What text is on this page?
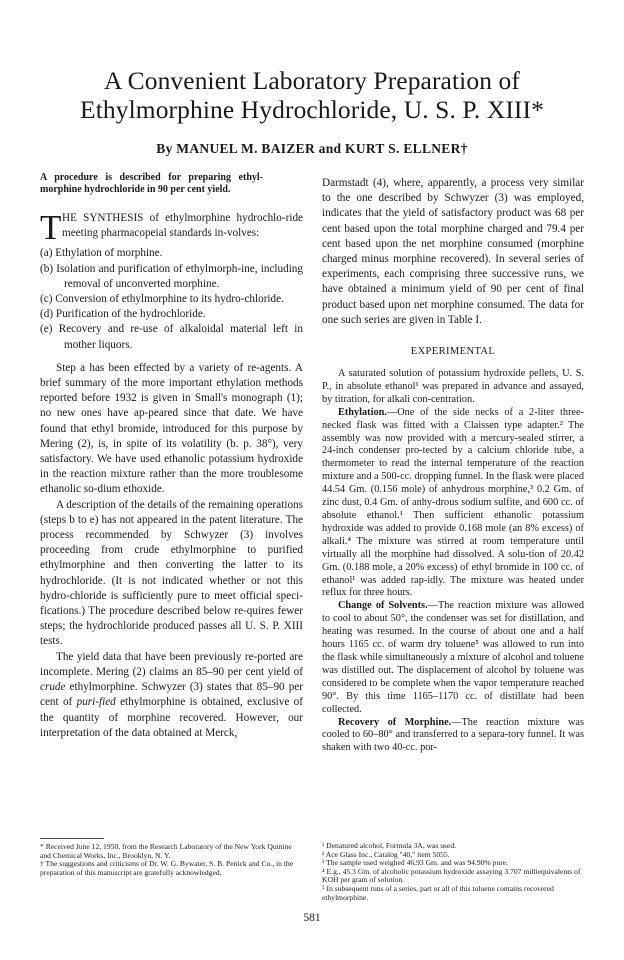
A Convenient Laboratory Preparation of
Ethylmorphine Hydrochloride, U. S. P. XIII*
By MANUEL M. BAIZER and KURT S. ELLNER†
A procedure is described for preparing ethyl-morphine hydrochloride in 90 per cent yield.

T HE SYNTHESIS of ethylmorphine hydrochlo-ride meeting pharmacopeial standards in-volves:

(a) Ethylation of morphine.
(b) Isolation and purification of ethylmorph-ine, including removal of unconverted morphine.
(c) Conversion of ethylmorphine to its hydro-chloride.
(d) Purification of the hydrochloride.
(e) Recovery and re-use of alkaloidal material left in mother liquors.

Step a has been effected by a variety of re-agents. A brief summary of the more important ethylation methods reported before 1932 is given in Small's monograph (1); no new ones have ap-peared since that date. We have found that ethyl bromide, introduced for this purpose by Mering (2), is, in spite of its volatility (b. p. 38°), very satisfactory. We have used ethanolic potassium hydroxide in the reaction mixture rather than the more troublesome ethanolic so-dium ethoxide.

A description of the details of the remaining operations (steps b to e) has not appeared in the patent literature. The process recommended by Schwyzer (3) involves proceeding from crude ethylmorphine to purified ethylmorphine and then converting the latter to its hydrochloride. (It is not indicated whether or not this hydro-chloride is sufficiently pure to meet official speci-fications.) The procedure described below re-quires fewer steps; the hydrochloride produced passes all U. S. P. XIII tests.

The yield data that have been previously re-ported are incomplete. Mering (2) claims an 85–90 per cent yield of crude ethylmorphine. Schwyzer (3) states that 85–90 per cent of puri-fied ethylmorphine is obtained, exclusive of the quantity of morphine recovered. However, our interpretation of the data obtained at Merck,

Darmstadt (4), where, apparently, a process very similar to the one described by Schwyzer (3) was employed, indicates that the yield of satisfactory product was 68 per cent based upon the total morphine charged and 79.4 per cent based upon the net morphine consumed (morphine charged minus morphine recovered). In several series of experiments, each comprising three successive runs, we have obtained a minimum yield of 90 per cent of final product based upon net morphine consumed. The data for one such series are given in Table I.

EXPERIMENTAL

A saturated solution of potassium hydroxide pellets, U. S. P., in absolute ethanol¹ was prepared in advance and assayed, by titration, for alkali con-centration.

Ethylation.—One of the side necks of a 2-liter three-necked flask was fitted with a Claissen type adapter.² The assembly was now provided with a mercury-sealed stirrer, a 24-inch condenser pro-tected by a calcium chloride tube, a thermometer to read the internal temperature of the reaction mixture and a 500-cc. dropping funnel. In the flask were placed 44.54 Gm. (0.156 mole) of anhydrous morphine,³ 0.2 Gm. of zinc dust, 0.4 Gm. of anhy-drous sodium sulfite, and 600 cc. of absolute ethanol.¹ Then sufficient ethanolic potassium hydroxide was added to provide 0.168 mole (an 8% excess) of alkali.⁴ The mixture was stirred at room temperature until virtually all the morphine had dissolved. A solu-tion of 20.42 Gm. (0.188 mole, a 20% excess) of ethyl bromide in 100 cc. of ethanol¹ was added rap-idly. The mixture was heated under reflux for three hours.

Change of Solvents.—The reaction mixture was allowed to cool to about 50°, the condenser was set for distillation, and heating was resumed. In the course of about one and a half hours 1165 cc. of warm dry toluene⁵ was allowed to run into the flask while simultaneously a mixture of alcohol and toluene was distilled out. The displacement of alcohol by toluene was considered to be complete when the vapor temperature reached 90°. By this time 1165–1170 cc. of distillate had been collected.

Recovery of Morphine.—The reaction mixture was cooled to 60–80° and transferred to a separa-tory funnel. It was shaken with two 40-cc. por-

* Received June 12, 1950, from the Research Laboratory of the New York Quinine and Chemical Works, Inc., Brooklyn, N. Y.

† The suggestions and criticisms of Dr. W. G. Bywater, S. B. Penick and Co., in the preparation of this manuscript are gratefully acknowledged.

¹ Denatured alcohol, Formula 3A, was used.

² Ace Glass Inc., Catalog "40," item 5055.

³ The sample used weighed 46.93 Gm. and was 94.90% pure.

⁴ E.g., 45.3 Gm. of alcoholic potassium hydroxide assaying 3.707 milliequivalents of KOH per gram of solution.

⁵ In subsequent runs of a series, part or all of this toluene contains recovered ethylmorphine.

581
